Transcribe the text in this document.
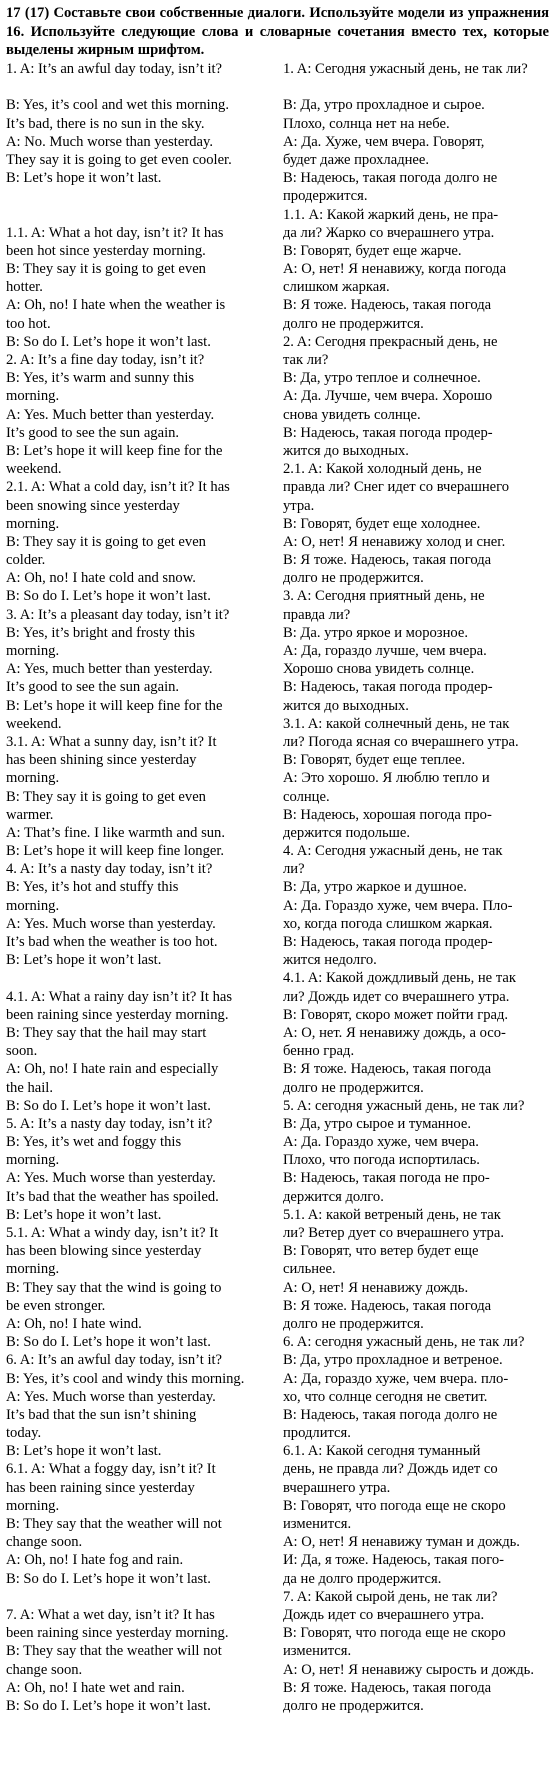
17 (17) Составьте свои собственные диалоги. Используйте модели из упражнения 16. Используйте следующие слова и словарные сочетания вместо тех, которые выделены жирным шрифтом.
1. A: It’s an awful day today, isn’t it?
B: Yes, it’s cool and wet this morning.
It’s bad, there is no sun in the sky.
A: No. Much worse than yesterday.
They say it is going to get even cooler.
B: Let’s hope it won’t last.
1.1. A: What a hot day, isn’t it? It has
been hot since yesterday morning.
B: They say it is going to get even
hotter.
A: Oh, no! I hate when the weather is
too hot.
B: So do I. Let’s hope it won’t last.
2. A: It’s a fine day today, isn’t it?
B: Yes, it’s warm and sunny this
morning.
A: Yes. Much better than yesterday.
It’s good to see the sun again.
B: Let’s hope it will keep fine for the
weekend.
2.1. A: What a cold day, isn’t it? It has
been snowing since yesterday
morning.
B: They say it is going to get even
colder.
A: Oh, no! I hate cold and snow.
B: So do I. Let’s hope it won’t last.
3. A: It’s a pleasant day today, isn’t it?
B: Yes, it’s bright and frosty this
morning.
A: Yes, much better than yesterday.
It’s good to see the sun again.
B: Let’s hope it will keep fine for the
weekend.
3.1. A: What a sunny day, isn’t it? It
has been shining since yesterday
morning.
B: They say it is going to get even
warmer.
A: That’s fine. I like warmth and sun.
B: Let’s hope it will keep fine longer.
4. A: It’s a nasty day today, isn’t it?
B: Yes, it’s hot and stuffy this
morning.
A: Yes. Much worse than yesterday.
It’s bad when the weather is too hot.
B: Let’s hope it won’t last.
4.1. A: What a rainy day isn’t it? It has
been raining since yesterday morning.
B: They say that the hail may start
soon.
A: Oh, no! I hate rain and especially
the hail.
B: So do I. Let’s hope it won’t last.
5. A: It’s a nasty day today, isn’t it?
B: Yes, it’s wet and foggy this
morning.
A: Yes. Much worse than yesterday.
It’s bad that the weather has spoiled.
B: Let’s hope it won’t last.
5.1. A: What a windy day, isn’t it? It
has been blowing since yesterday
morning.
B: They say that the wind is going to
be even stronger.
A: Oh, no! I hate wind.
B: So do I. Let’s hope it won’t last.
6. A: It’s an awful day today, isn’t it?
B: Yes, it’s cool and windy this morning.
A: Yes. Much worse than yesterday.
It’s bad that the sun isn’t shining
today.
B: Let’s hope it won’t last.
6.1. A: What a foggy day, isn’t it? It
has been raining since yesterday
morning.
B: They say that the weather will not
change soon.
A: Oh, no! I hate fog and rain.
B: So do I. Let’s hope it won’t last.
7. A: What a wet day, isn’t it? It has
been raining since yesterday morning.
B: They say that the weather will not
change soon.
A: Oh, no! I hate wet and rain.
B: So do I. Let’s hope it won’t last.
1. A: Сегодня ужасный день, не так ли?
B: Да, утро прохладное и сырое.
Плохо, солнца нет на небе.
A: Да. Хуже, чем вчера. Говорят,
будет даже прохладнее.
B: Надеюсь, такая погода долго не
продержится.
1.1. А: Какой жаркий день, не пра-
да ли? Жарко со вчерашнего утра.
B: Говорят, будет еще жарче.
A: О, нет! Я ненавижу, когда погода
слишком жаркая.
B: Я тоже. Надеюсь, такая погода
долго не продержится.
2. A: Сегодня прекрасный день, не
так ли?
B: Да, утро теплое и солнечное.
A: Да. Лучше, чем вчера. Хорошо
снова увидеть солнце.
B: Надеюсь, такая погода продер-
жится до выходных.
2.1. A: Какой холодный день, не
правда ли? Снег идет со вчерашнего
утра.
B: Говорят, будет еще холоднее.
A: О, нет! Я ненавижу холод и снег.
B: Я тоже. Надеюсь, такая погода
долго не продержится.
3. A: Сегодня приятный день, не
правда ли?
B: Да. утро яркое и морозное.
A: Да, гораздо лучше, чем вчера.
Хорошо снова увидеть солнце.
B: Надеюсь, такая погода продер-
жится до выходных.
3.1. A: какой солнечный день, не так
ли? Погода ясная со вчерашнего утра.
B: Говорят, будет еще теплее.
A: Это хорошо. Я люблю тепло и
солнце.
B: Надеюсь, хорошая погода про-
держится подольше.
4. A: Сегодня ужасный день, не так
ли?
B: Да, утро жаркое и душное.
A: Да. Гораздо хуже, чем вчера. Пло-
хо, когда погода слишком жаркая.
B: Надеюсь, такая погода продер-
жится недолго.
4.1. A: Какой дождливый день, не так
ли? Дождь идет со вчерашнего утра.
B: Говорят, скоро может пойти град.
A: О, нет. Я ненавижу дождь, а осо-
бенно град.
B: Я тоже. Надеюсь, такая погода
долго не продержится.
5. A: сегодня ужасный день, не так ли?
B: Да, утро сырое и туманное.
A: Да. Гораздо хуже, чем вчера.
Плохо, что погода испортилась.
B: Надеюсь, такая погода не про-
держится долго.
5.1. A: какой ветреный день, не так
ли? Ветер дует со вчерашнего утра.
B: Говорят, что ветер будет еще
сильнее.
A: О, нет! Я ненавижу дождь.
B: Я тоже. Надеюсь, такая погода
долго не продержится.
6. A: сегодня ужасный день, не так ли?
B: Да, утро прохладное и ветреное.
A: Да, гораздо хуже, чем вчера. пло-
хо, что солнце сегодня не светит.
B: Надеюсь, такая погода долго не
продлится.
6.1. A: Какой сегодня туманный
день, не правда ли? Дождь идет со
вчерашнего утра.
B: Говорят, что погода еще не скоро
изменится.
A: О, нет! Я ненавижу туман и дождь.
И: Да, я тоже. Надеюсь, такая пого-
да не долго продержится.
7. A: Какой сырой день, не так ли?
Дождь идет со вчерашнего утра.
B: Говорят, что погода еще не скоро
изменится.
A: О, нет! Я ненавижу сырость и дождь.
B: Я тоже. Надеюсь, такая погода
долго не продержится.
